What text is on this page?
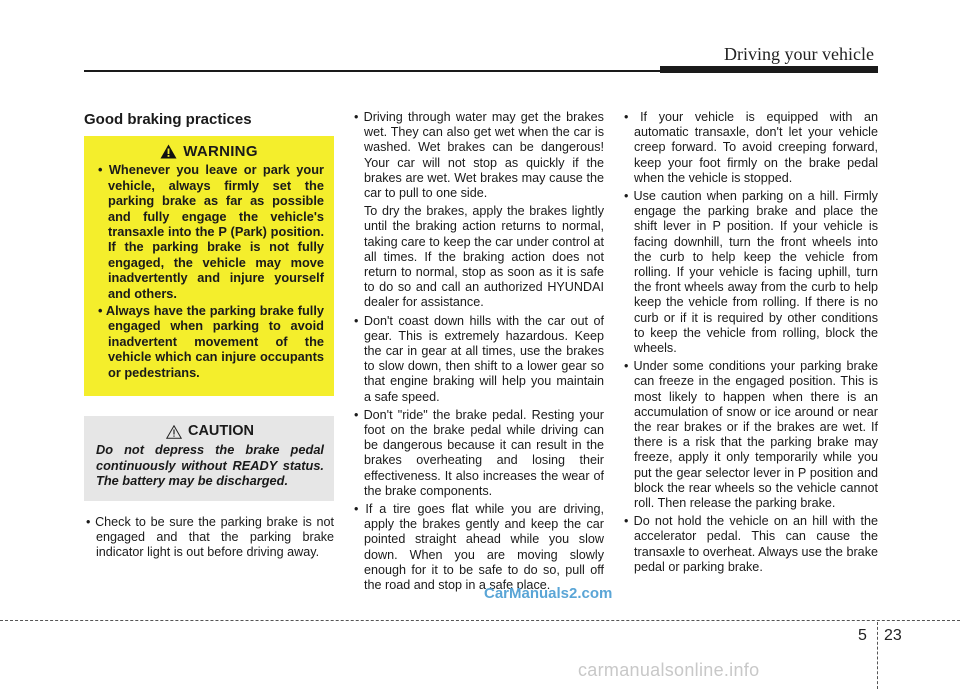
Driving your vehicle
Good braking practices
WARNING
• Whenever you leave or park your vehicle, always firmly set the parking brake as far as possible and fully engage the vehicle's transaxle into the P (Park) position. If the parking brake is not fully engaged, the vehicle may move inadvertently and injure yourself and others.
• Always have the parking brake fully engaged when parking to avoid inadvertent movement of the vehicle which can injure occupants or pedestrians.
CAUTION
Do not depress the brake pedal continuously without READY status. The battery may be discharged.
• Check to be sure the parking brake is not engaged and that the parking brake indicator light is out before driving away.
• Driving through water may get the brakes wet. They can also get wet when the car is washed. Wet brakes can be dangerous! Your car will not stop as quickly if the brakes are wet. Wet brakes may cause the car to pull to one side.
To dry the brakes, apply the brakes lightly until the braking action returns to normal, taking care to keep the car under control at all times. If the braking action does not return to normal, stop as soon as it is safe to do so and call an authorized HYUNDAI dealer for assistance.
• Don't coast down hills with the car out of gear. This is extremely hazardous. Keep the car in gear at all times, use the brakes to slow down, then shift to a lower gear so that engine braking will help you maintain a safe speed.
• Don't "ride" the brake pedal. Resting your foot on the brake pedal while driving can be dangerous because it can result in the brakes overheating and losing their effectiveness. It also increases the wear of the brake components.
• If a tire goes flat while you are driving, apply the brakes gently and keep the car pointed straight ahead while you slow down. When you are moving slowly enough for it to be safe to do so, pull off the road and stop in a safe place.
• If your vehicle is equipped with an automatic transaxle, don't let your vehicle creep forward. To avoid creeping forward, keep your foot firmly on the brake pedal when the vehicle is stopped.
• Use caution when parking on a hill. Firmly engage the parking brake and place the shift lever in P position. If your vehicle is facing downhill, turn the front wheels into the curb to help keep the vehicle from rolling. If your vehicle is facing uphill, turn the front wheels away from the curb to help keep the vehicle from rolling. If there is no curb or if it is required by other conditions to keep the vehicle from rolling, block the wheels.
• Under some conditions your parking brake can freeze in the engaged position. This is most likely to happen when there is an accumulation of snow or ice around or near the rear brakes or if the brakes are wet. If there is a risk that the parking brake may freeze, apply it only temporarily while you put the gear selector lever in P position and block the rear wheels so the vehicle cannot roll. Then release the parking brake.
• Do not hold the vehicle on an hill with the accelerator pedal. This can cause the transaxle to overheat. Always use the brake pedal or parking brake.
CarManuals2.com
5 23
carmanualsonline.info
